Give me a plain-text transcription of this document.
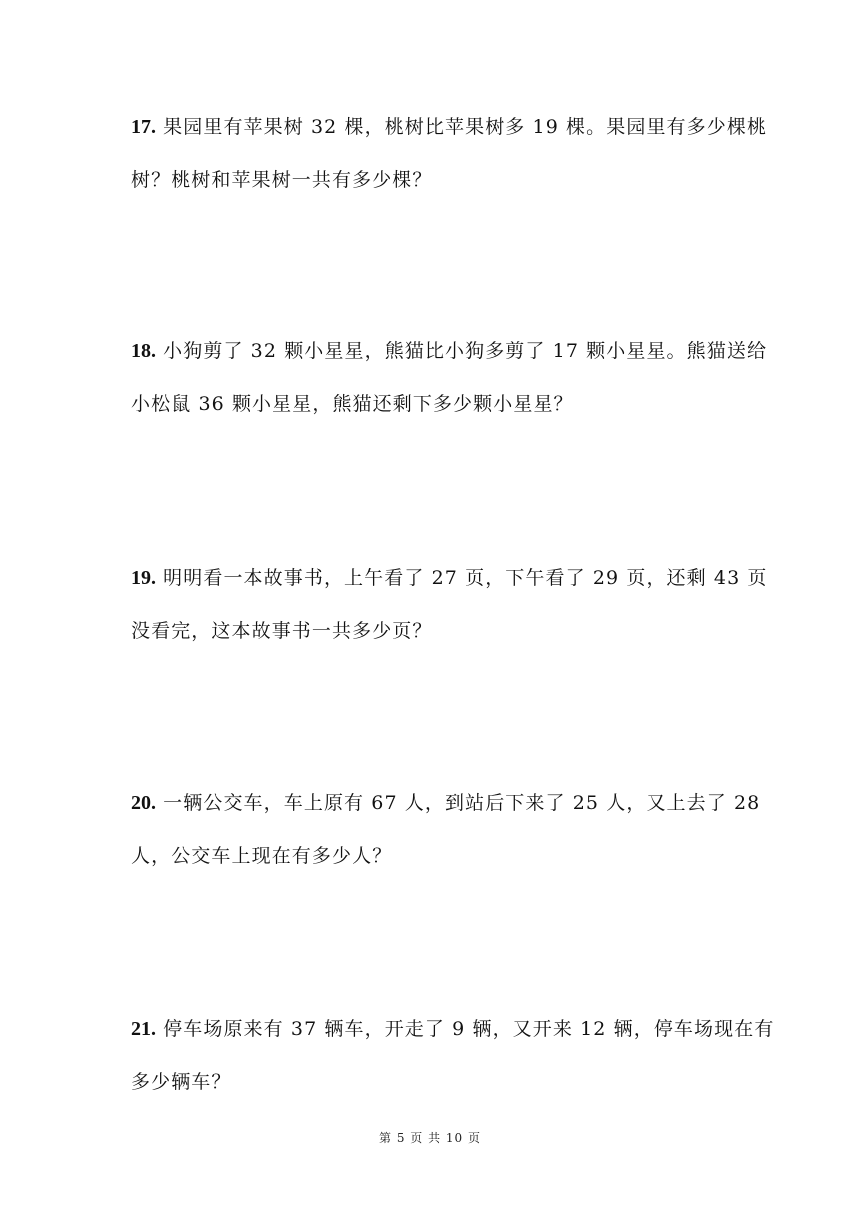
17. 果园里有苹果树 32 棵，桃树比苹果树多 19 棵。果园里有多少棵桃树？桃树和苹果树一共有多少棵？
18. 小狗剪了 32 颗小星星，熊猫比小狗多剪了 17 颗小星星。熊猫送给小松鼠 36 颗小星星，熊猫还剩下多少颗小星星？
19. 明明看一本故事书，上午看了 27 页，下午看了 29 页，还剩 43 页没看完，这本故事书一共多少页？
20. 一辆公交车，车上原有 67 人，到站后下来了 25 人，又上去了 28 人，公交车上现在有多少人？
21. 停车场原来有 37 辆车，开走了 9 辆，又开来 12 辆，停车场现在有多少辆车？
第 5 页 共 10 页
